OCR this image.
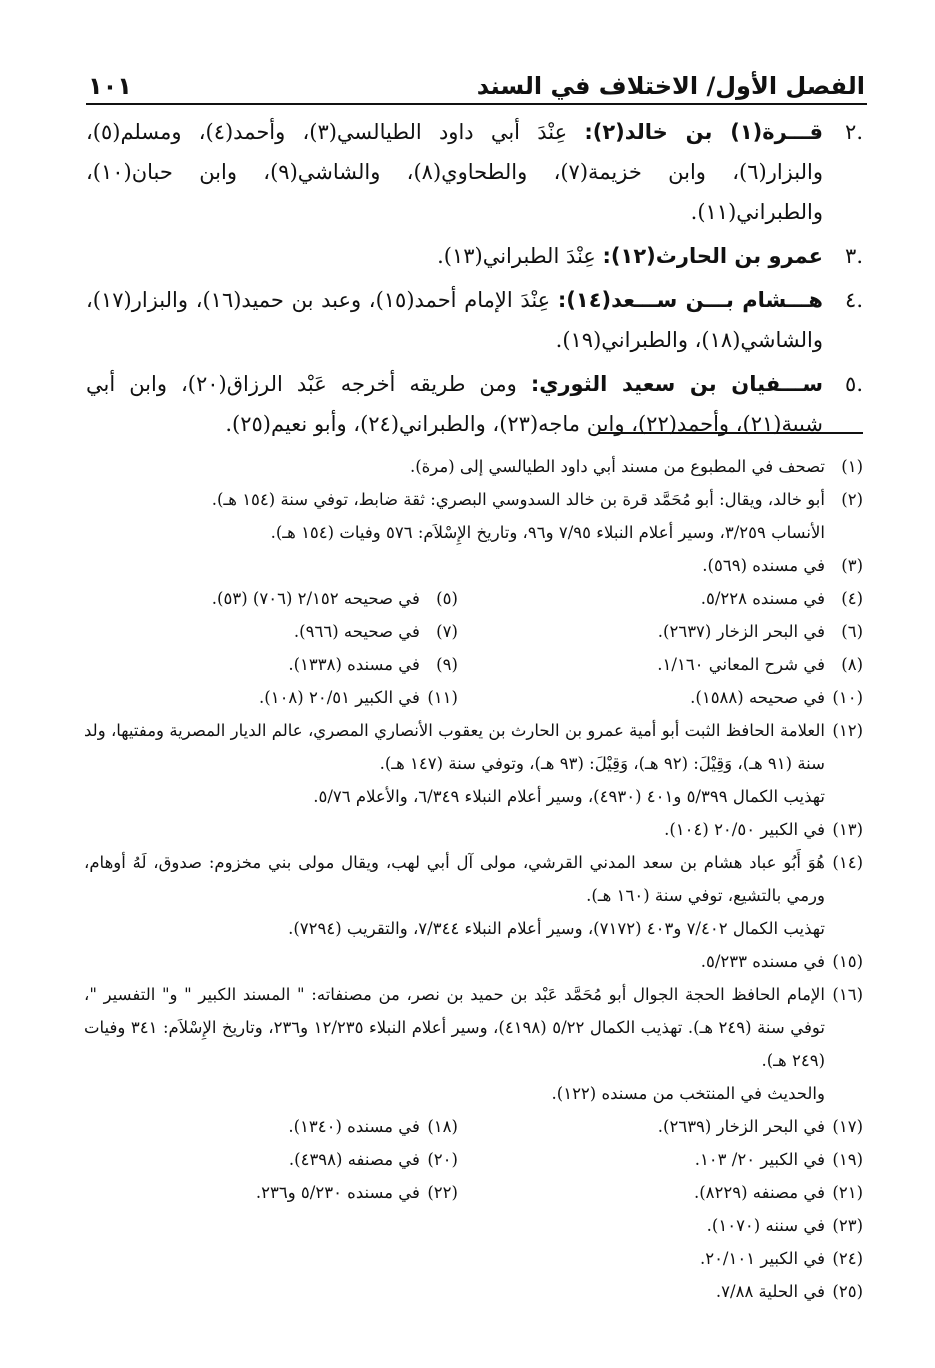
الفصل الأول/ الاختلاف في السند
١٠١
.٢
قـــرة(١) بن خالد(٢): عِنْدَ أبي داود الطيالسي(٣)، وأحمد(٤)، ومسلم(٥)، والبزار(٦)، وابن خزيمة(٧)، والطحاوي(٨)، والشاشي(٩)، وابن حبان(١٠)، والطبراني(١١).
.٣
عمرو بن الحارث(١٢): عِنْدَ الطبراني(١٣).
.٤
هـــشام بـــن ســـعد(١٤): عِنْدَ الإمام أحمد(١٥)، وعبد بن حميد(١٦)، والبزار(١٧)، والشاشي(١٨)، والطبراني(١٩).
.٥
ســـفيان بن سعيد الثوري: ومن طريقه أخرجه عَبْد الرزاق(٢٠)، وابن أبي شيبة(٢١)، وأحمد(٢٢)، وابن ماجه(٢٣)، والطبراني(٢٤)، وأبو نعيم(٢٥).
(١)
تصحف في المطبوع من مسند أبي داود الطيالسي إلى (مرة).
(٢)
أبو خالد، ويقال: أبو مُحَمَّد قرة بن خالد السدوسي البصري: ثقة ضابط، توفي سنة (١٥٤ هـ).
الأنساب ٣/٢٥٩، وسير أعلام النبلاء ٧/٩٥ و٩٦، وتاريخ الإِسْلاَم: ٥٧٦ وفيات (١٥٤ هـ).
(٣)
في مسنده (٥٦٩).
(٤)
في مسنده ٥/٢٢٨.
(٥)
في صحيحه ٢/١٥٢ (٧٠٦) (٥٣).
(٦)
في البحر الزخار (٢٦٣٧).
(٧)
في صحيحه (٩٦٦).
(٨)
في شرح المعاني ١/١٦٠.
(٩)
في مسنده (١٣٣٨).
(١٠)
في صحيحه (١٥٨٨).
(١١)
في الكبير ٢٠/٥١ (١٠٨).
(١٢)
العلامة الحافظ الثبت أبو أمية عمرو بن الحارث بن يعقوب الأنصاري المصري، عالم الديار المصرية ومفتيها، ولد سنة (٩١ هـ)، وَقِيْلَ: (٩٢ هـ)، وَقِيْلَ: (٩٣ هـ)، وتوفي سنة (١٤٧ هـ).
تهذيب الكمال ٥/٣٩٩ و٤٠١ (٤٩٣٠)، وسير أعلام النبلاء ٦/٣٤٩، والأعلام ٥/٧٦.
(١٣)
في الكبير ٢٠/٥٠ (١٠٤).
(١٤)
هُوَ أَبُو عباد هشام بن سعد المدني القرشي، مولى آل أبي لهب، ويقال مولى بني مخزوم: صدوق، لَهُ أوهام، ورمي بالتشيع، توفي سنة (١٦٠ هـ).
تهذيب الكمال ٧/٤٠٢ و٤٠٣ (٧١٧٢)، وسير أعلام النبلاء ٧/٣٤٤، والتقريب (٧٢٩٤).
(١٥)
في مسنده ٥/٢٣٣.
(١٦)
الإمام الحافظ الحجة الجوال أبو مُحَمَّد عَبْد بن حميد بن نصر، من مصنفاته: " المسند الكبير " و" التفسير "، توفي سنة (٢٤٩ هـ). تهذيب الكمال ٥/٢٢ (٤١٩٨)، وسير أعلام النبلاء ١٢/٢٣٥ و٢٣٦، وتاريخ الإِسْلاَم: ٣٤١ وفيات (٢٤٩ هـ).
والحديث في المنتخب من مسنده (١٢٢).
(١٧)
في البحر الزخار (٢٦٣٩).
(١٨)
في مسنده (١٣٤٠).
(١٩)
في الكبير ٢٠/ ١٠٣.
(٢٠)
في مصنفه (٤٣٩٨).
(٢١)
في مصنفه (٨٢٢٩).
(٢٢)
في مسنده ٥/٢٣٠ و٢٣٦.
(٢٣)
في سننه (١٠٧٠).
(٢٤)
في الكبير ٢٠/١٠١.
(٢٥)
في الحلية ٧/٨٨.
